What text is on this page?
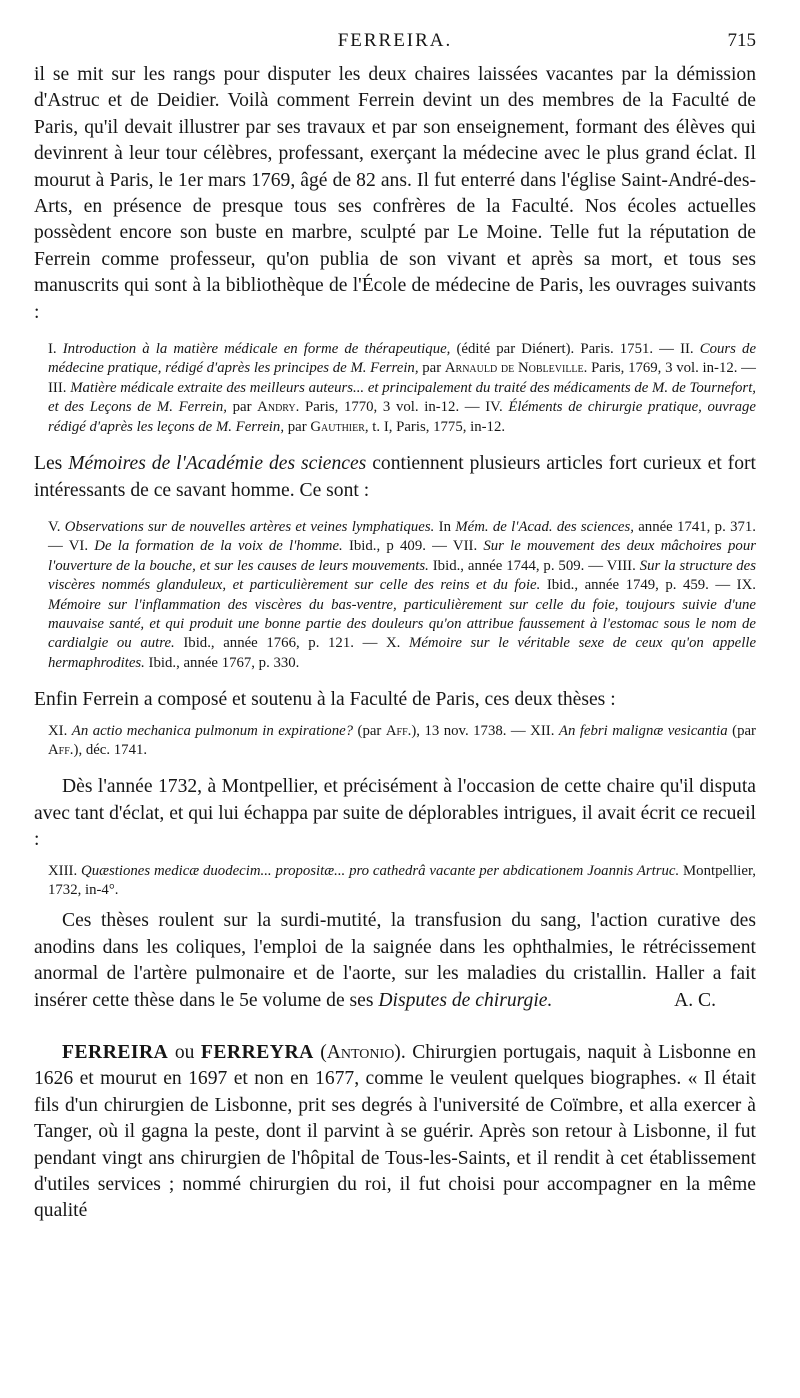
FERREIRA.	715

il se mit sur les rangs pour disputer les deux chaires laissées vacantes par la démission d'Astruc et de Deidier. Voilà comment Ferrein devint un des membres de la Faculté de Paris, qu'il devait illustrer par ses travaux et par son enseignement, formant des élèves qui devinrent à leur tour célèbres, professant, exerçant la médecine avec le plus grand éclat. Il mourut à Paris, le 1er mars 1769, âgé de 82 ans. Il fut enterré dans l'église Saint-André-des-Arts, en présence de presque tous ses confrères de la Faculté. Nos écoles actuelles possèdent encore son buste en marbre, sculpté par Le Moine. Telle fut la réputation de Ferrein comme professeur, qu'on publia de son vivant et après sa mort, et tous ses manuscrits qui sont à la bibliothèque de l'École de médecine de Paris, les ouvrages suivants :

I. Introduction à la matière médicale en forme de thérapeutique, (édité par Diénert). Paris. 1751. — II. Cours de médecine pratique, rédigé d'après les principes de M. Ferrein, par Arnauld de Nobleville. Paris, 1769, 3 vol. in-12. — III. Matière médicale extraite des meilleurs auteurs... et principalement du traité des médicaments de M. de Tournefort, et des Leçons de M. Ferrein, par Andry. Paris, 1770, 3 vol. in-12. — IV. Éléments de chirurgie pratique, ouvrage rédigé d'après les leçons de M. Ferrein, par Gauthier, t. I, Paris, 1775, in-12.

Les Mémoires de l'Académie des sciences contiennent plusieurs articles fort curieux et fort intéressants de ce savant homme. Ce sont :

V. Observations sur de nouvelles artères et veines lymphatiques. In Mém. de l'Acad. des sciences, année 1741, p. 371. — VI. De la formation de la voix de l'homme. Ibid., p 409. — VII. Sur le mouvement des deux mâchoires pour l'ouverture de la bouche, et sur les causes de leurs mouvements. Ibid., année 1744, p. 509. — VIII. Sur la structure des viscères nommés glanduleux, et particulièrement sur celle des reins et du foie. Ibid., année 1749, p. 459. — IX. Mémoire sur l'inflammation des viscères du bas-ventre, particulièrement sur celle du foie, toujours suivie d'une mauvaise santé, et qui produit une bonne partie des douleurs qu'on attribue faussement à l'estomac sous le nom de cardialgie ou autre. Ibid., année 1766, p. 121. — X. Mémoire sur le véritable sexe de ceux qu'on appelle hermaphrodites. Ibid., année 1767, p. 330.

Enfin Ferrein a composé et soutenu à la Faculté de Paris, ces deux thèses :

XI. An actio mechanica pulmonum in expiratione? (par Aff.), 13 nov. 1738. — XII. An febri malignæ vesicantia (par Aff.), déc. 1741.

Dès l'année 1732, à Montpellier, et précisément à l'occasion de cette chaire qu'il disputa avec tant d'éclat, et qui lui échappa par suite de déplorables intrigues, il avait écrit ce recueil :

XIII. Quæstiones medicæ duodecim... propositæ... pro cathedrâ vacante per abdicationem Joannis Artruc. Montpellier, 1732, in-4°.

Ces thèses roulent sur la surdi-mutité, la transfusion du sang, l'action curative des anodins dans les coliques, l'emploi de la saignée dans les ophthalmies, le rétrécissement anormal de l'artère pulmonaire et de l'aorte, sur les maladies du cristallin. Haller a fait insérer cette thèse dans le 5e volume de ses Disputes de chirurgie.	A. C.

FERREIRA ou FERREYRA (Antonio). Chirurgien portugais, naquit à Lisbonne en 1626 et mourut en 1697 et non en 1677, comme le veulent quelques biographes. « Il était fils d'un chirurgien de Lisbonne, prit ses degrés à l'université de Coïmbre, et alla exercer à Tanger, où il gagna la peste, dont il parvint à se guérir. Après son retour à Lisbonne, il fut pendant vingt ans chirurgien de l'hôpital de Tous-les-Saints, et il rendit à cet établissement d'utiles services ; nommé chirurgien du roi, il fut choisi pour accompagner en la même qualité
